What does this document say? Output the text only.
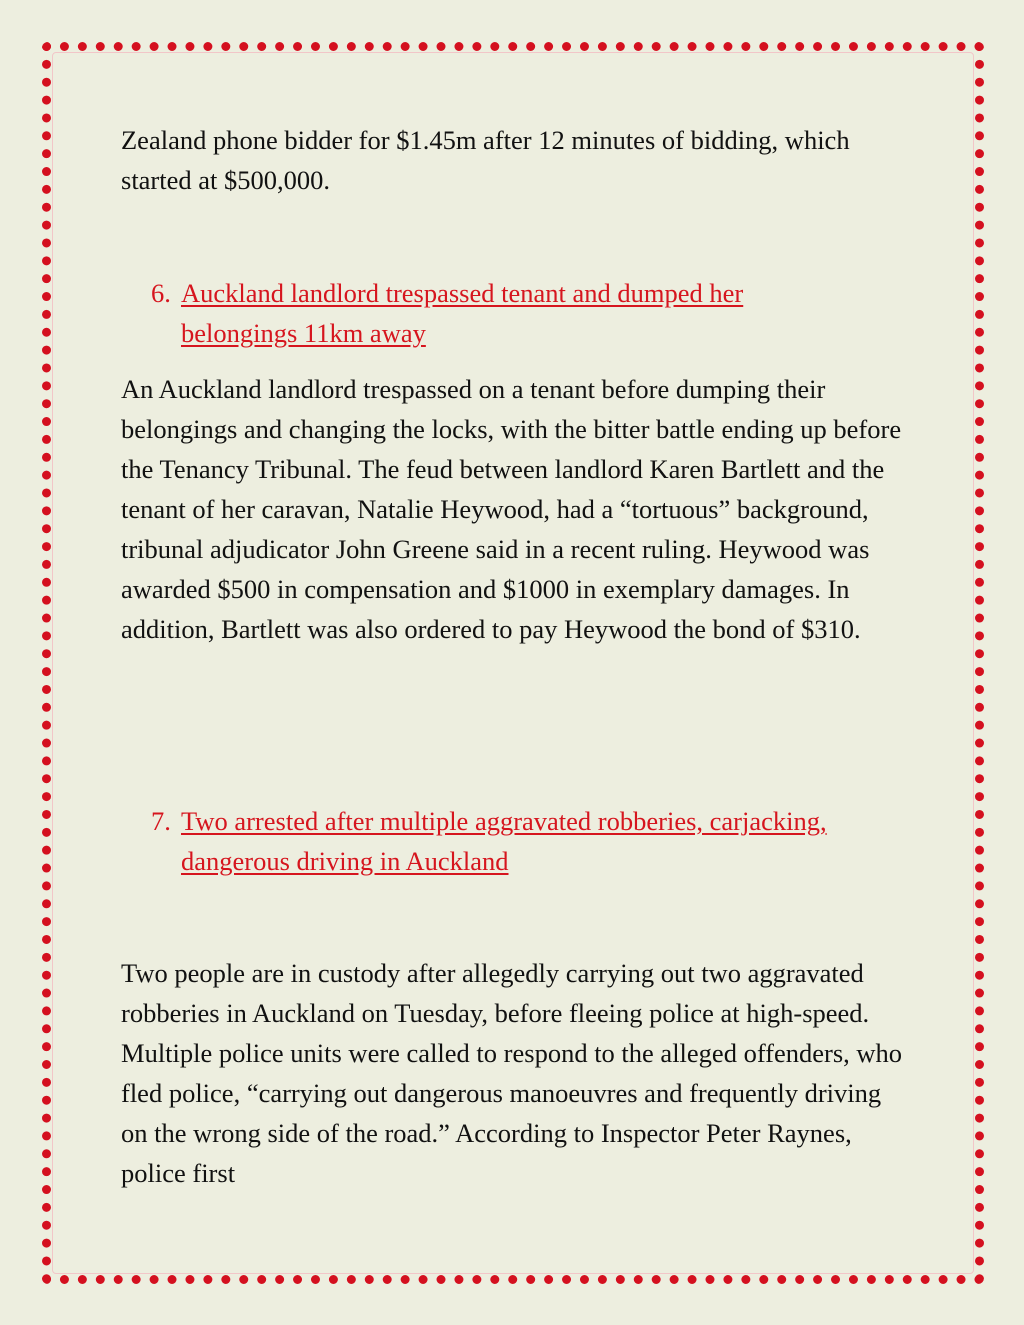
Zealand phone bidder for $1.45m after 12 minutes of bidding, which started at $500,000.

6. Auckland landlord trespassed tenant and dumped her belongings 11km away

An Auckland landlord trespassed on a tenant before dumping their belongings and changing the locks, with the bitter battle ending up before the Tenancy Tribunal. The feud between landlord Karen Bartlett and the tenant of her caravan, Natalie Heywood, had a “tortuous” background, tribunal adjudicator John Greene said in a recent ruling. Heywood was awarded $500 in compensation and $1000 in exemplary damages. In addition, Bartlett was also ordered to pay Heywood the bond of $310.

7. Two arrested after multiple aggravated robberies, carjacking, dangerous driving in Auckland

Two people are in custody after allegedly carrying out two aggravated robberies in Auckland on Tuesday, before fleeing police at high-speed. Multiple police units were called to respond to the alleged offenders, who fled police, “carrying out dangerous manoeuvres and frequently driving on the wrong side of the road.” According to Inspector Peter Raynes, police first
